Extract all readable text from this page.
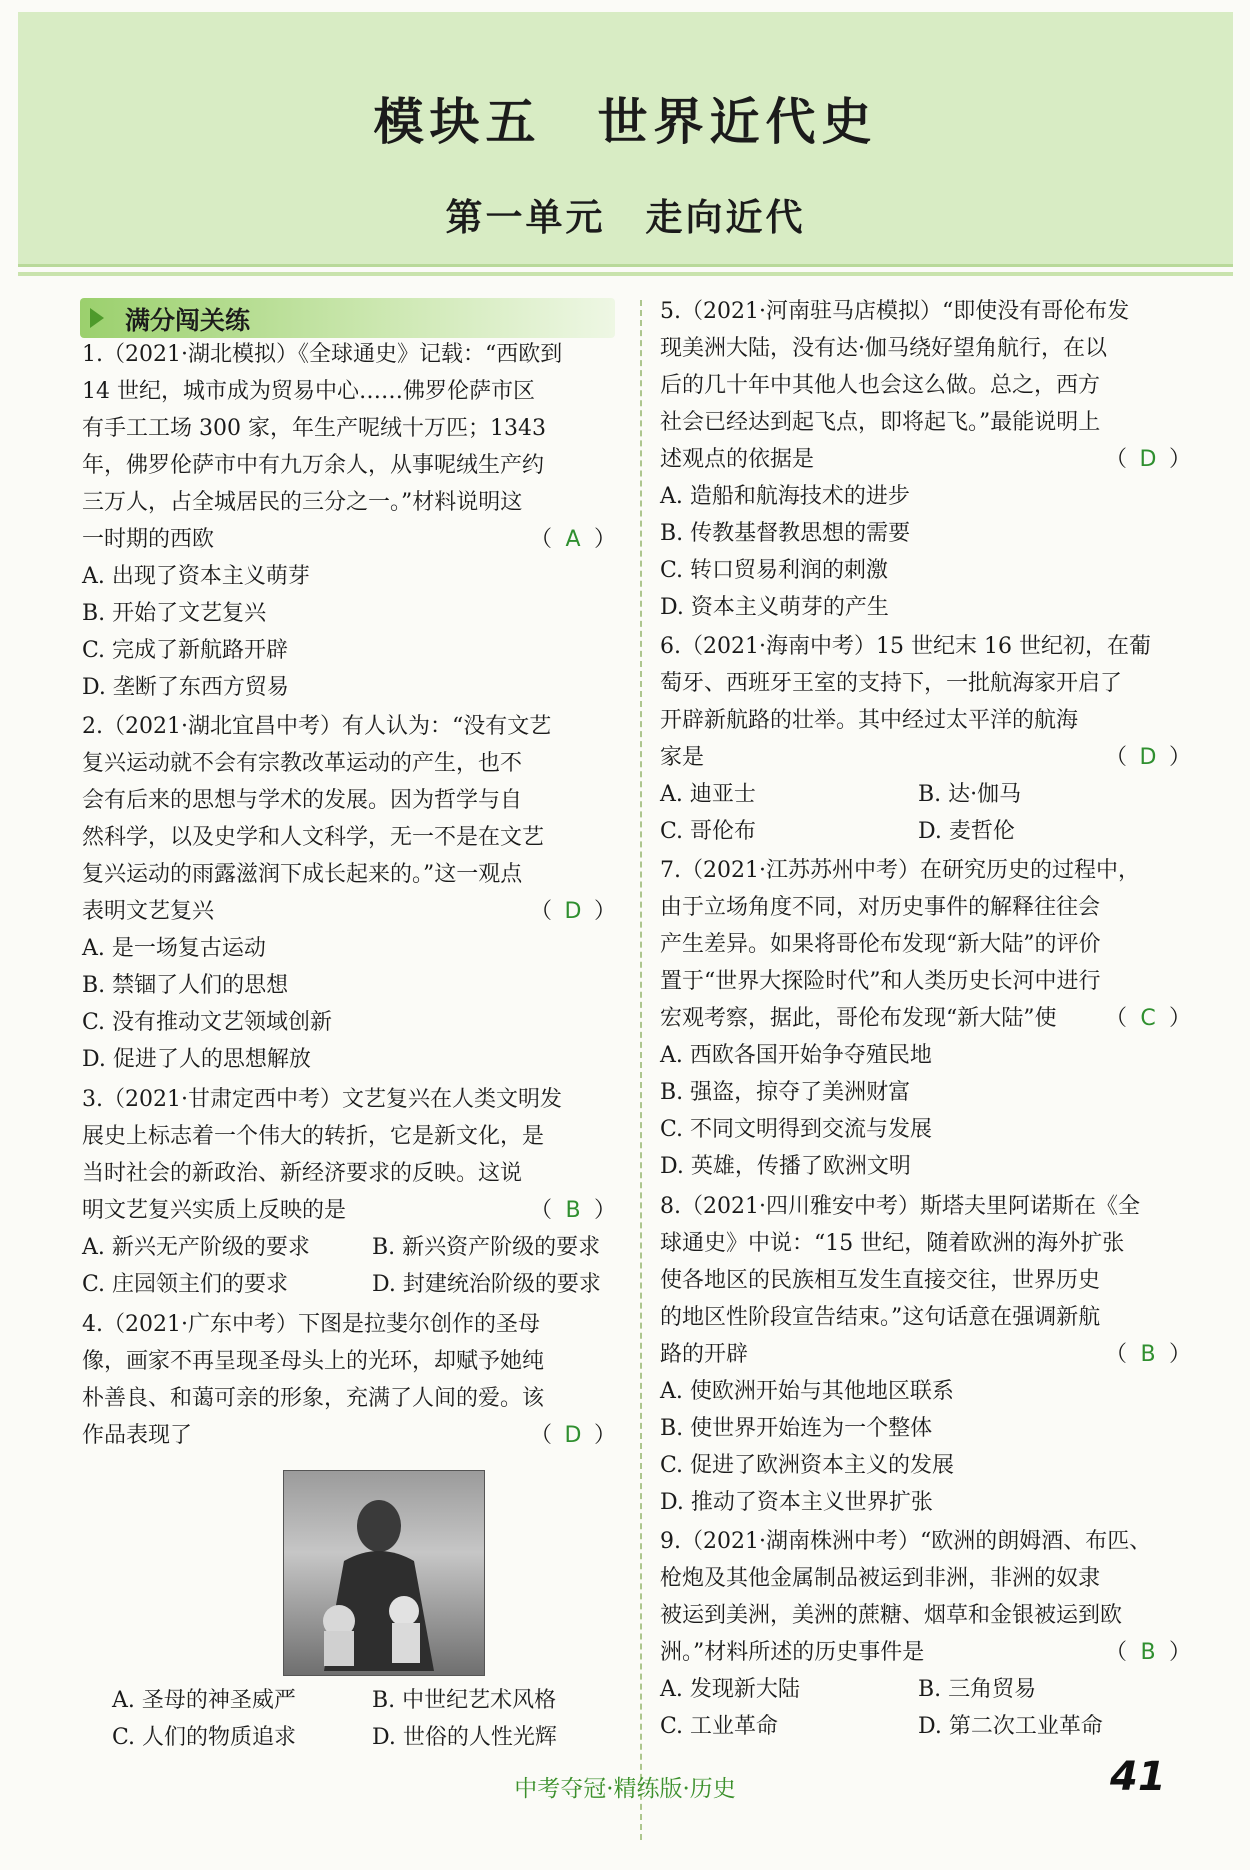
模块五　世界近代史
第一单元　走向近代
满分闯关练
1.（2021·湖北模拟）《全球通史》记载：“西欧到
14 世纪，城市成为贸易中心……佛罗伦萨市区
有手工工场 300 家，年生产呢绒十万匹；1343
年，佛罗伦萨市中有九万余人，从事呢绒生产约
三万人，占全城居民的三分之一。”材料说明这
一时期的西欧	（ A ）
A. 出现了资本主义萌芽
B. 开始了文艺复兴
C. 完成了新航路开辟
D. 垄断了东西方贸易
2.（2021·湖北宜昌中考）有人认为：“没有文艺
复兴运动就不会有宗教改革运动的产生，也不
会有后来的思想与学术的发展。因为哲学与自
然科学，以及史学和人文科学，无一不是在文艺
复兴运动的雨露滋润下成长起来的。”这一观点
表明文艺复兴	（ D ）
A. 是一场复古运动
B. 禁锢了人们的思想
C. 没有推动文艺领域创新
D. 促进了人的思想解放
3.（2021·甘肃定西中考）文艺复兴在人类文明发
展史上标志着一个伟大的转折，它是新文化，是
当时社会的新政治、新经济要求的反映。这说
明文艺复兴实质上反映的是	（ B ）
A. 新兴无产阶级的要求	B. 新兴资产阶级的要求
C. 庄园领主们的要求	D. 封建统治阶级的要求
4.（2021·广东中考）下图是拉斐尔创作的圣母
像，画家不再呈现圣母头上的光环，却赋予她纯
朴善良、和蔼可亲的形象，充满了人间的爱。该
作品表现了	（ D ）
A. 圣母的神圣威严	B. 中世纪艺术风格
C. 人们的物质追求	D. 世俗的人性光辉
5.（2021·河南驻马店模拟）“即使没有哥伦布发
现美洲大陆，没有达·伽马绕好望角航行，在以
后的几十年中其他人也会这么做。总之，西方
社会已经达到起飞点，即将起飞。”最能说明上
述观点的依据是	（ D ）
A. 造船和航海技术的进步
B. 传教基督教思想的需要
C. 转口贸易利润的刺激
D. 资本主义萌芽的产生
6.（2021·海南中考）15 世纪末 16 世纪初，在葡
萄牙、西班牙王室的支持下，一批航海家开启了
开辟新航路的壮举。其中经过太平洋的航海
家是	（ D ）
A. 迪亚士	B. 达·伽马
C. 哥伦布	D. 麦哲伦
7.（2021·江苏苏州中考）在研究历史的过程中，
由于立场角度不同，对历史事件的解释往往会
产生差异。如果将哥伦布发现“新大陆”的评价
置于“世界大探险时代”和人类历史长河中进行
宏观考察，据此，哥伦布发现“新大陆”使 （ C ）
A. 西欧各国开始争夺殖民地
B. 强盗，掠夺了美洲财富
C. 不同文明得到交流与发展
D. 英雄，传播了欧洲文明
8.（2021·四川雅安中考）斯塔夫里阿诺斯在《全
球通史》中说：“15 世纪，随着欧洲的海外扩张
使各地区的民族相互发生直接交往，世界历史
的地区性阶段宣告结束。”这句话意在强调新航
路的开辟	（ B ）
A. 使欧洲开始与其他地区联系
B. 使世界开始连为一个整体
C. 促进了欧洲资本主义的发展
D. 推动了资本主义世界扩张
9.（2021·湖南株洲中考）“欧洲的朗姆酒、布匹、
枪炮及其他金属制品被运到非洲，非洲的奴隶
被运到美洲，美洲的蔗糖、烟草和金银被运到欧
洲。”材料所述的历史事件是	（ B ）
A. 发现新大陆	B. 三角贸易
C. 工业革命	D. 第二次工业革命
中考夺冠·精练版·历史	41
